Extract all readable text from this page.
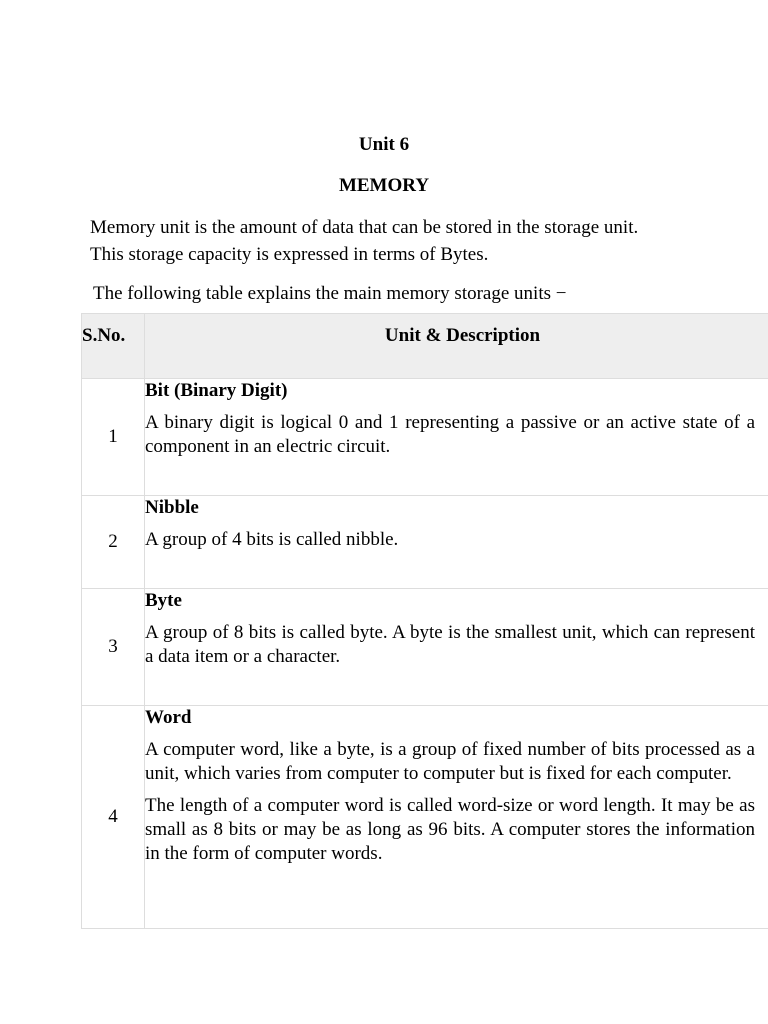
Unit 6
MEMORY

Memory unit is the amount of data that can be stored in the storage unit.

This storage capacity is expressed in terms of Bytes.

The following table explains the main memory storage units −
S.No.	Unit & Description
1	Bit (Binary Digit)

A binary digit is logical 0 and 1 representing a passive or an active state of a component in an electric circuit.

2	Nibble

A group of 4 bits is called nibble.

3	Byte

A group of 8 bits is called byte. A byte is the smallest unit, which can represent a data item or a character.

4	Word

A computer word, like a byte, is a group of fixed number of bits processed as a unit, which varies from computer to computer but is fixed for each computer.

The length of a computer word is called word-size or word length. It may be as small as 8 bits or may be as long as 96 bits. A computer stores the information in the form of computer words.
